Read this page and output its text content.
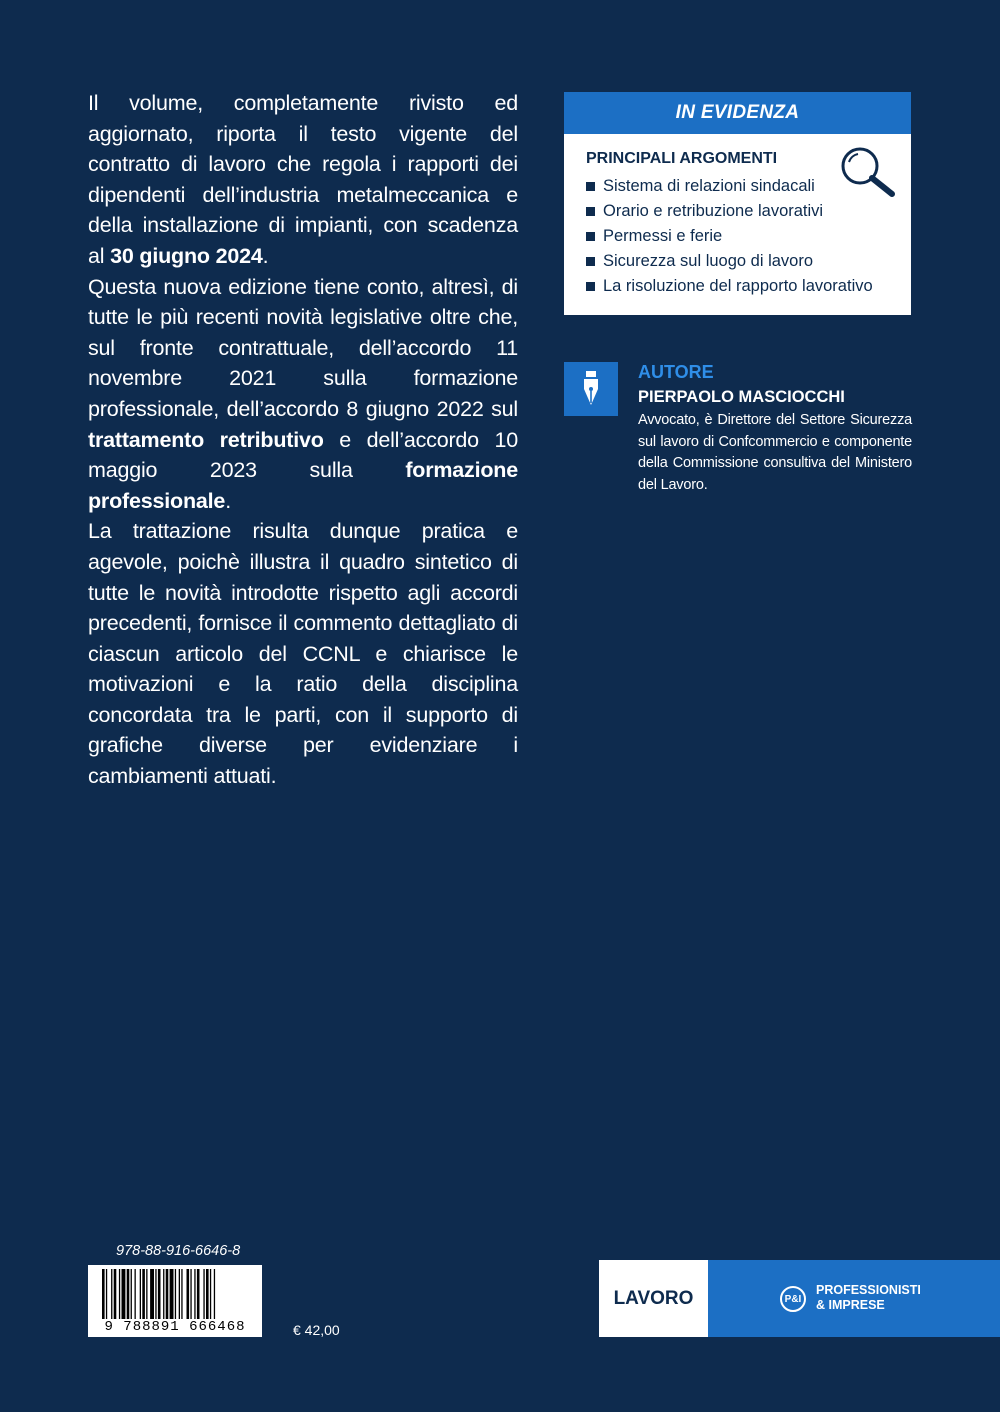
Il volume, completamente rivisto ed aggiornato, riporta il testo vigente del contratto di lavoro che regola i rapporti dei dipendenti dell’industria metalmeccanica e della installazione di impianti, con scadenza al 30 giugno 2024.

Questa nuova edizione tiene conto, altresì, di tutte le più recenti novità legislative oltre che, sul fronte contrattuale, dell’accordo 11 novembre 2021 sulla formazione professionale, dell’accordo 8 giugno 2022 sul trattamento retributivo e dell’accordo 10 maggio 2023 sulla formazione professionale.

La trattazione risulta dunque pratica e agevole, poichè illustra il quadro sintetico di tutte le novità introdotte rispetto agli accordi precedenti, fornisce il commento dettagliato di ciascun articolo del CCNL e chiarisce le motivazioni e la ratio della disciplina concordata tra le parti, con il supporto di grafiche diverse per evidenziare i cambiamenti attuati.

IN EVIDENZA
PRINCIPALI ARGOMENTI
Sistema di relazioni sindacali
Orario e retribuzione lavorativi
Permessi e ferie
Sicurezza sul luogo di lavoro
La risoluzione del rapporto lavorativo
AUTORE
PIERPAOLO MASCIOCCHI
Avvocato, è Direttore del Settore Sicurezza sul lavoro di Confcommercio e componente della Commissione consultiva del Ministero del Lavoro.
978-88-916-6646-8
9 788891 666468	€ 42,00
LAVORO	P&I
PROFESSIONISTI
& IMPRESE
